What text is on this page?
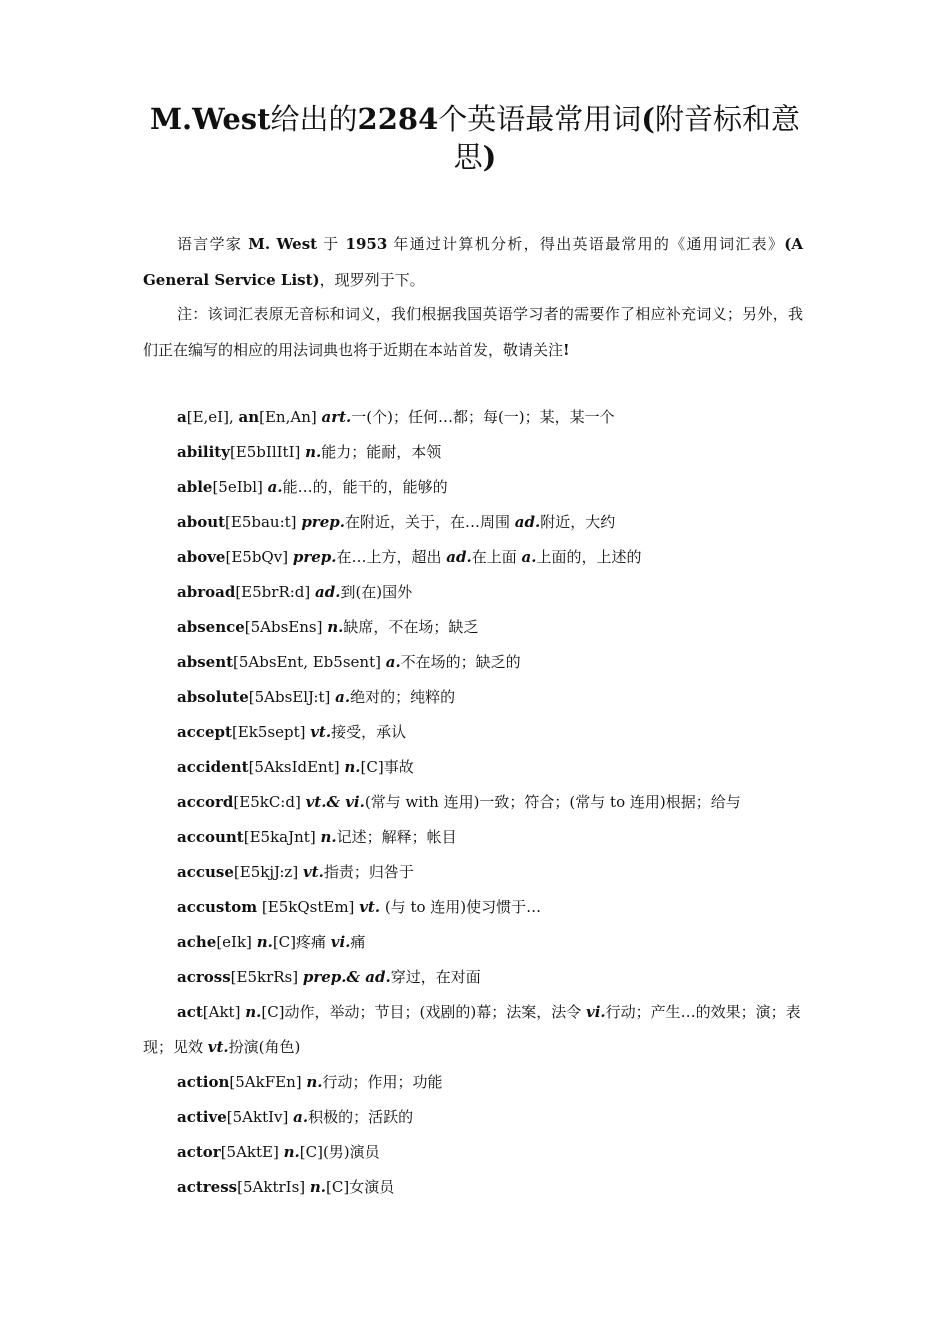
M.West给出的2284个英语最常用词(附音标和意思)

语言学家 M. West 于 1953 年通过计算机分析，得出英语最常用的《通用词汇表》(A General Service List)，现罗列于下。

注：该词汇表原无音标和词义，我们根据我国英语学习者的需要作了相应补充词义；另外，我们正在编写的相应的用法词典也将于近期在本站首发，敬请关注!

a[E,eI], an[En,An] art.一(个)；任何…都；每(一)；某，某一个

ability[E5bIlItI] n.能力；能耐，本领

able[5eIbl] a.能…的，能干的，能够的

about[E5bau:t] prep.在附近，关于，在…周围 ad.附近，大约

above[E5bQv] prep.在…上方，超出 ad.在上面 a.上面的，上述的

abroad[E5brR:d] ad.到(在)国外

absence[5AbsEns] n.缺席，不在场；缺乏

absent[5AbsEnt, Eb5sent] a.不在场的；缺乏的

absolute[5AbsElJ:t] a.绝对的；纯粹的

accept[Ek5sept] vt.接受，承认

accident[5AksIdEnt] n.[C]事故

accord[E5kC:d] vt.& vi.(常与 with 连用)一致；符合；(常与 to 连用)根据；给与

account[E5kaJnt] n.记述；解释；帐目

accuse[E5kjJ:z] vt.指责；归咎于

accustom [E5kQstEm] vt. (与 to 连用)使习惯于…

ache[eIk] n.[C]疼痛 vi.痛

across[E5krRs] prep.& ad.穿过，在对面

act[Akt] n.[C]动作，举动；节目；(戏剧的)幕；法案，法令 vi.行动；产生…的效果；演；表现；见效 vt.扮演(角色)

action[5AkFEn] n.行动；作用；功能

active[5AktIv] a.积极的；活跃的

actor[5AktE] n.[C](男)演员

actress[5AktrIs] n.[C]女演员
